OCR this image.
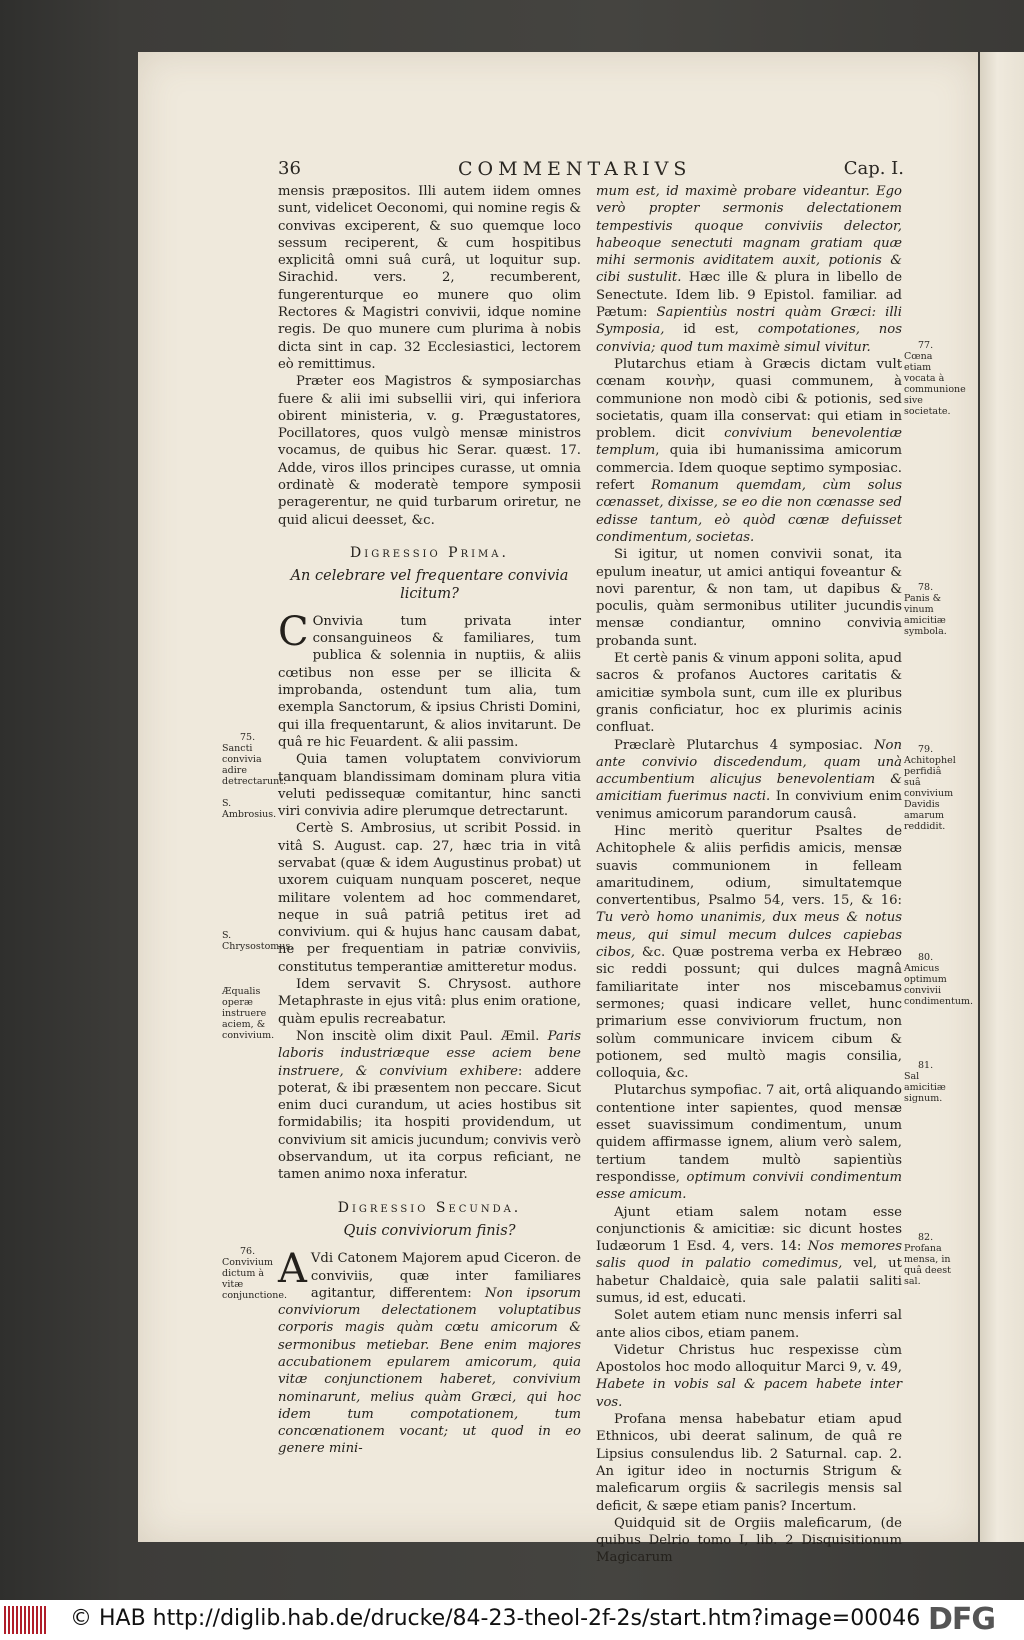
36	COMMENTARIVS	Cap. I.

mensis præpositos. Illi autem iidem omnes sunt, videlicet Oeconomi, qui nomine regis & convivas exciperent, & suo quemque loco sessum reciperent, & cum hospitibus explicitâ omni suâ curâ, ut loquitur sup. Sirachid. vers. 2, recumberent, fungerenturque eo munere quo olim Rectores & Magistri convivii, idque nomine regis. De quo munere cum plurima à nobis dicta sint in cap. 32 Ecclesiastici, lectorem eò remittimus.

Præter eos Magistros & symposiarchas fuere & alii imi subsellii viri, qui inferiora obirent ministeria, v. g. Prægustatores, Pocillatores, quos vulgò mensæ ministros vocamus, de quibus hic Serar. quæst. 17. Adde, viros illos principes curasse, ut omnia ordinatè & moderatè tempore symposii peragerentur, ne quid turbarum oriretur, ne quid alicui deesset, &c.

Digressio Prima.

An celebrare vel frequentare convivia licitum?

C Onvivia tum privata inter consanguineos & familiares, tum publica & solennia in nuptiis, & aliis cœtibus non esse per se illicita & improbanda, ostendunt tum alia, tum exempla Sanctorum, & ipsius Christi Domini, qui illa frequentarunt, & alios invitarunt. De quâ re hic Feuardent. & alii passim.

Quia tamen voluptatem conviviorum tanquam blandissimam dominam plura vitia veluti pedissequæ comitantur, hinc sancti viri convivia adire plerumque detrectarunt.

Certè S. Ambrosius, ut scribit Possid. in vitâ S. August. cap. 27, hæc tria in vitâ servabat (quæ & idem Augustinus probat) ut uxorem cuiquam nunquam posceret, neque militare volentem ad hoc commendaret, neque in suâ patriâ petitus iret ad convivium. qui & hujus hanc causam dabat, ne per frequentiam in patriæ conviviis, constitutus temperantiæ amitteretur modus.

Idem servavit S. Chrysost. authore Metaphraste in ejus vitâ: plus enim oratione, quàm epulis recreabatur.

Non inscitè olim dixit Paul. Æmil. Paris laboris industriæque esse aciem bene instruere, & convivium exhibere: addere poterat, & ibi præsentem non peccare. Sicut enim duci curandum, ut acies hostibus sit formidabilis; ita hospiti providendum, ut convivium sit amicis jucundum; convivis verò observandum, ut ita corpus reficiant, ne tamen animo noxa inferatur.

Digressio Secunda.

Quis conviviorum finis?

A Vdi Catonem Majorem apud Ciceron. de conviviis, quæ inter familiares agitantur, differentem: Non ipsorum conviviorum delectationem voluptatibus corporis magis quàm cœtu amicorum & sermonibus metiebar. Bene enim majores accubationem epularem amicorum, quia vitæ conjunctionem haberet, convivium nominarunt, melius quàm Græci, qui hoc idem tum compotationem, tum concœnationem vocant; ut quod in eo genere mini-

mum est, id maximè probare videantur. Ego verò propter sermonis delectationem tempestivis quoque conviviis delector, habeoque senectuti magnam gratiam quæ mihi sermonis aviditatem auxit, potionis & cibi sustulit. Hæc ille & plura in libello de Senectute. Idem lib. 9 Epistol. familiar. ad Pætum: Sapientiùs nostri quàm Græci: illi Symposia, id est, compotationes, nos convivia; quod tum maximè simul vivitur.

Plutarchus etiam à Græcis dictam vult cœnam κοινὴν, quasi communem, à communione non modò cibi & potionis, sed societatis, quam illa conservat: qui etiam in problem. dicit convivium benevolentiæ templum, quia ibi humanissima amicorum commercia. Idem quoque septimo symposiac. refert Romanum quemdam, cùm solus cœnasset, dixisse, se eo die non cœnasse sed edisse tantum, eò quòd cœnæ defuisset condimentum, societas.

Si igitur, ut nomen convivii sonat, ita epulum ineatur, ut amici antiqui foveantur & novi parentur, & non tam, ut dapibus & poculis, quàm sermonibus utiliter jucundis mensæ condiantur, omnino convivia probanda sunt.

Et certè panis & vinum apponi solita, apud sacros & profanos Auctores caritatis & amicitiæ symbola sunt, cum ille ex pluribus granis conficiatur, hoc ex plurimis acinis confluat.

Præclarè Plutarchus 4 symposiac. Non ante convivio discedendum, quam unà accumbentium alicujus benevolentiam & amicitiam fuerimus nacti. In convivium enim venimus amicorum parandorum causâ.

Hinc meritò queritur Psaltes de Achitophele & aliis perfidis amicis, mensæ suavis communionem in felleam amaritudinem, odium, simultatemque convertentibus, Psalmo 54, vers. 15, & 16: Tu verò homo unanimis, dux meus & notus meus, qui simul mecum dulces capiebas cibos, &c. Quæ postrema verba ex Hebræo sic reddi possunt; qui dulces magnâ familiaritate inter nos miscebamus sermones; quasi indicare vellet, hunc primarium esse conviviorum fructum, non solùm communicare invicem cibum & potionem, sed multò magis consilia, colloquia, &c.

Plutarchus sympofiac. 7 ait, ortâ aliquando contentione inter sapientes, quod mensæ esset suavissimum condimentum, unum quidem affirmasse ignem, alium verò salem, tertium tandem multò sapientiùs respondisse, optimum convivii condimentum esse amicum.

Ajunt etiam salem notam esse conjunctionis & amicitiæ: sic dicunt hostes Iudæorum 1 Esd. 4, vers. 14: Nos memores salis quod in palatio comedimus, vel, ut habetur Chaldaicè, quia sale palatii saliti sumus, id est, educati.

Solet autem etiam nunc mensis inferri sal ante alios cibos, etiam panem.

Videtur Christus huc respexisse cùm Apostolos hoc modo alloquitur Marci 9, v. 49, Habete in vobis sal & pacem habete inter vos.

Profana mensa habebatur etiam apud Ethnicos, ubi deerat salinum, de quâ re Lipsius consulendus lib. 2 Saturnal. cap. 2. An igitur ideo in nocturnis Strigum & maleficarum orgiis & sacrilegis mensis sal deficit, & sæpe etiam panis? Incertum.

Quidquid sit de Orgiis maleficarum, (de quibus Delrio tomo I, lib. 2 Disquisitionum Magicarum

75.
Sancti convivia adire detrectarunt.
S. Ambrosius.
S. Chrysostomus.
Æqualis operæ instruere aciem, & convivium.
76.
Convivium dictum à vitæ conjunctione.
77.
Cœna etiam vocata à communione sive societate.
78.
Panis & vinum amicitiæ symbola.
79.
Achitophel perfidiâ suâ convivium Davidis amarum reddidit.
80.
Amicus optimum convivii condimentum.
81.
Sal amicitiæ signum.
82.
Profana mensa, in quâ deest sal.
© HAB http://diglib.hab.de/drucke/84-23-theol-2f-2s/start.htm?image=00046 DFG
